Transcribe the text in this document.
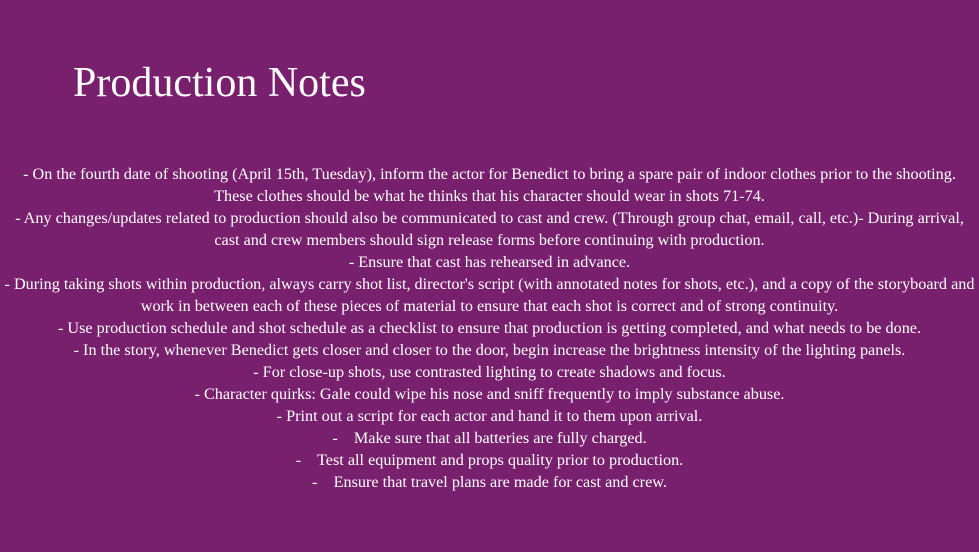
Production Notes
- On the fourth date of shooting (April 15th, Tuesday), inform the actor for Benedict to bring a spare pair of indoor clothes prior to the shooting. These clothes should be what he thinks that his character should wear in shots 71-74.
- Any changes/updates related to production should also be communicated to cast and crew. (Through group chat, email, call, etc.)- During arrival, cast and crew members should sign release forms before continuing with production.
- Ensure that cast has rehearsed in advance.
- During taking shots within production, always carry shot list, director's script (with annotated notes for shots, etc.), and a copy of the storyboard and work in between each of these pieces of material to ensure that each shot is correct and of strong continuity.
- Use production schedule and shot schedule as a checklist to ensure that production is getting completed, and what needs to be done.
- In the story, whenever Benedict gets closer and closer to the door, begin increase the brightness intensity of the lighting panels.
- For close-up shots, use contrasted lighting to create shadows and focus.
- Character quirks: Gale could wipe his nose and sniff frequently to imply substance abuse.
- Print out a script for each actor and hand it to them upon arrival.
-    Make sure that all batteries are fully charged.
-    Test all equipment and props quality prior to production.
-    Ensure that travel plans are made for cast and crew.
